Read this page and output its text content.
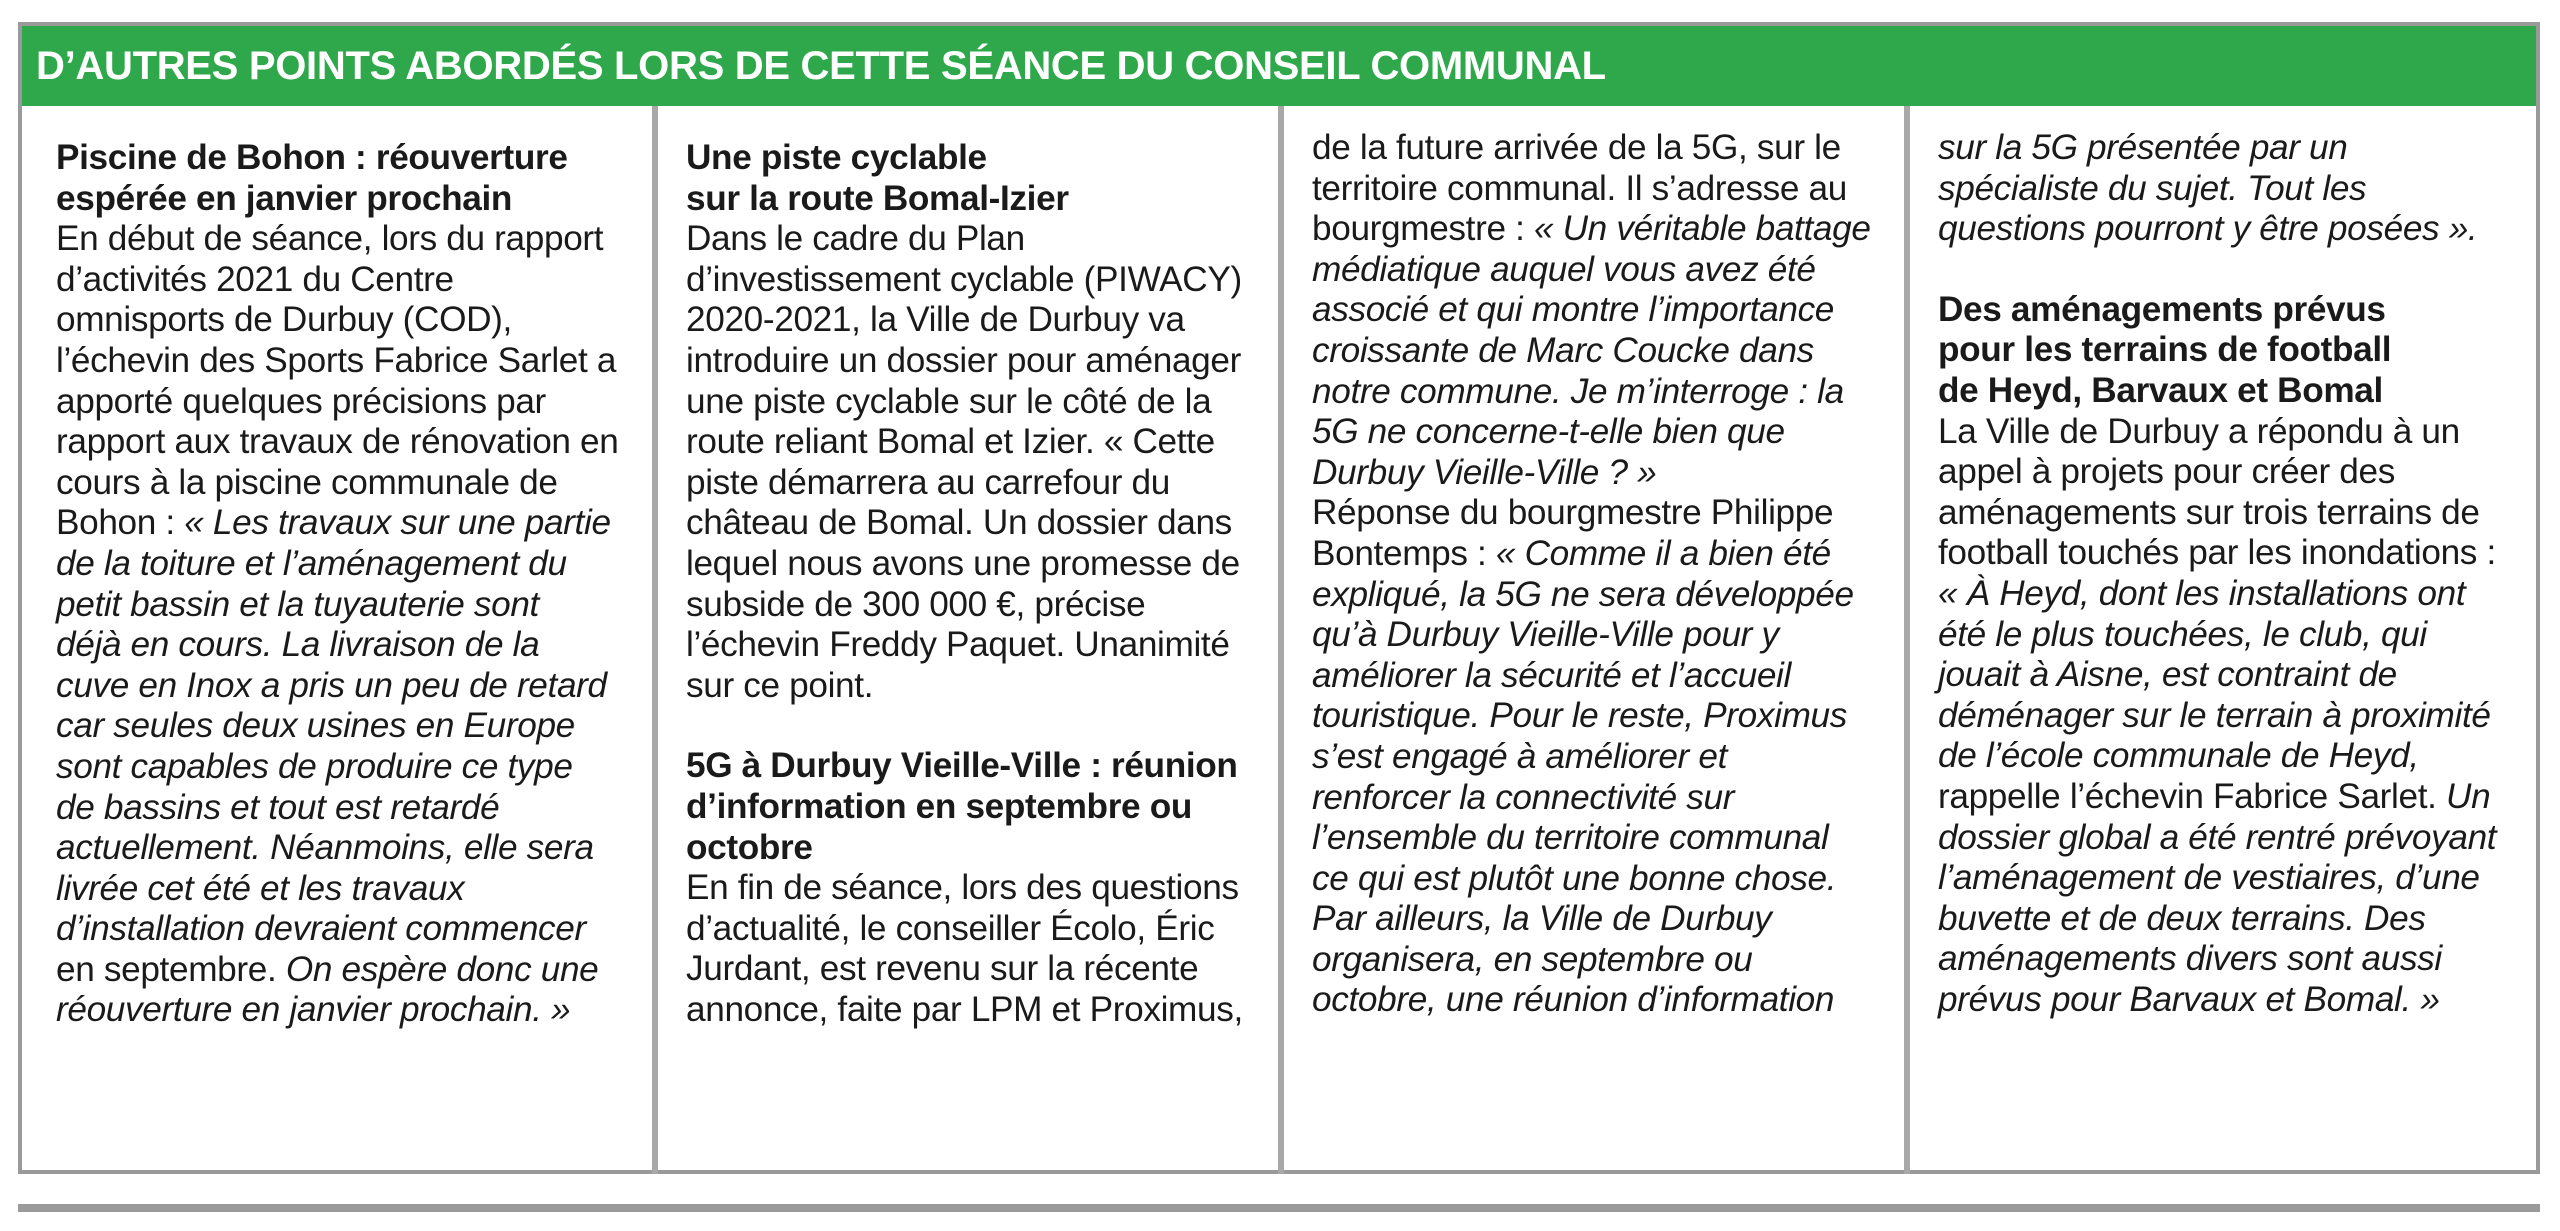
D’AUTRES POINTS ABORDÉS LORS DE CETTE SÉANCE DU CONSEIL COMMUNAL
Piscine de Bohon : réouverture
espérée en janvier prochain

En début de séance, lors du rapport

d’activités 2021 du Centre

omnisports de Durbuy (COD),

l’échevin des Sports Fabrice Sarlet a

apporté quelques précisions par

rapport aux travaux de rénovation en

cours à la piscine communale de

Bohon : « Les travaux sur une partie

de la toiture et l’aménagement du

petit bassin et la tuyauterie sont

déjà en cours. La livraison de la

cuve en Inox a pris un peu de retard

car seules deux usines en Europe

sont capables de produire ce type

de bassins et tout est retardé

actuellement. Néanmoins, elle sera

livrée cet été et les travaux

d’installation devraient commencer

en septembre. On espère donc une

réouverture en janvier prochain. »

Une piste cyclable
sur la route Bomal-Izier

Dans le cadre du Plan

d’investissement cyclable (PIWACY)

2020-2021, la Ville de Durbuy va

introduire un dossier pour aménager

une piste cyclable sur le côté de la

route reliant Bomal et Izier. « Cette

piste démarrera au carrefour du

château de Bomal. Un dossier dans

lequel nous avons une promesse de

subside de 300 000 €, précise

l’échevin Freddy Paquet. Unanimité

sur ce point.

5G à Durbuy Vieille-Ville : réunion
d’information en septembre ou
octobre

En fin de séance, lors des questions

d’actualité, le conseiller Écolo, Éric

Jurdant, est revenu sur la récente

annonce, faite par LPM et Proximus,

de la future arrivée de la 5G, sur le

territoire communal. Il s’adresse au

bourgmestre : « Un véritable battage

médiatique auquel vous avez été

associé et qui montre l’importance

croissante de Marc Coucke dans

notre commune. Je m’interroge : la

5G ne concerne-t-elle bien que

Durbuy Vieille-Ville ? »

Réponse du bourgmestre Philippe

Bontemps : « Comme il a bien été

expliqué, la 5G ne sera développée

qu’à Durbuy Vieille-Ville pour y

améliorer la sécurité et l’accueil

touristique. Pour le reste, Proximus

s’est engagé à améliorer et

renforcer la connectivité sur

l’ensemble du territoire communal

ce qui est plutôt une bonne chose.

Par ailleurs, la Ville de Durbuy

organisera, en septembre ou

octobre, une réunion d’information

sur la 5G présentée par un

spécialiste du sujet. Tout les

questions pourront y être posées ».

Des aménagements prévus
pour les terrains de football
de Heyd, Barvaux et Bomal

La Ville de Durbuy a répondu à un

appel à projets pour créer des

aménagements sur trois terrains de

football touchés par les inondations :

« À Heyd, dont les installations ont

été le plus touchées, le club, qui

jouait à Aisne, est contraint de

déménager sur le terrain à proximité

de l’école communale de Heyd,

rappelle l’échevin Fabrice Sarlet. Un

dossier global a été rentré prévoyant

l’aménagement de vestiaires, d’une

buvette et de deux terrains. Des

aménagements divers sont aussi

prévus pour Barvaux et Bomal. »
